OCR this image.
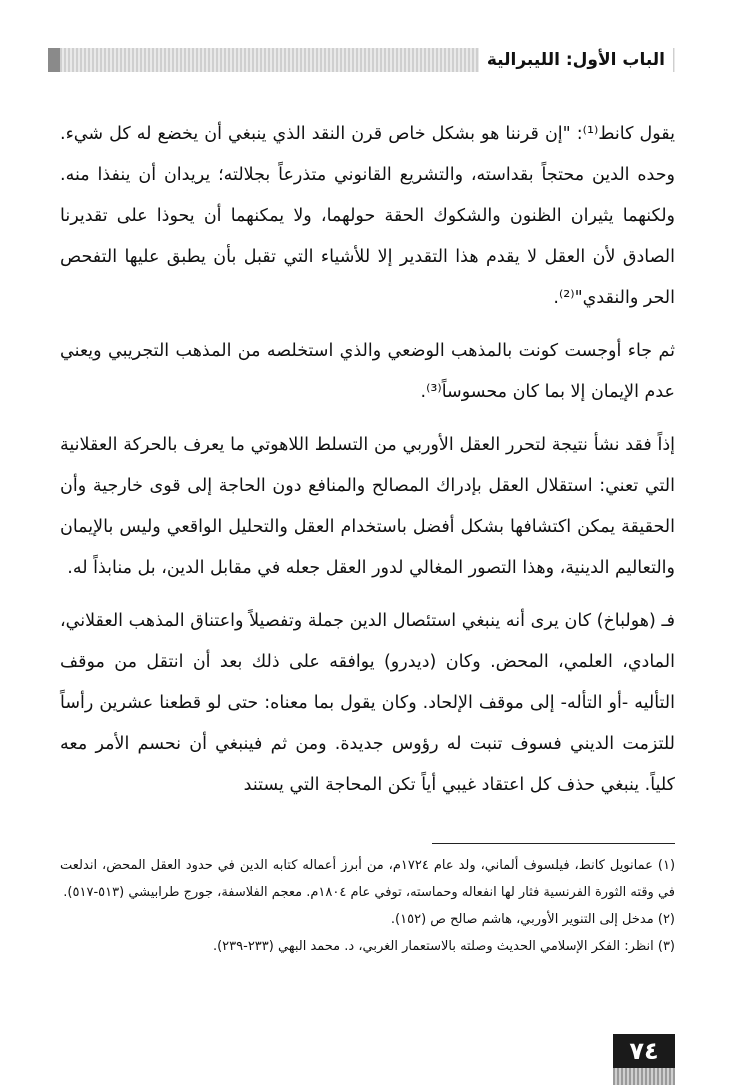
الباب الأول: الليبرالية

يقول كانط⁽¹⁾: "إن قرننا هو بشكل خاص قرن النقد الذي ينبغي أن يخضع له كل شيء. وحده الدين محتجاً بقداسته، والتشريع القانوني متذرعاً بجلالته؛ يريدان أن ينفذا منه. ولكنهما يثيران الظنون والشكوك الحقة حولهما، ولا يمكنهما أن يحوذا على تقديرنا الصادق لأن العقل لا يقدم هذا التقدير إلا للأشياء التي تقبل بأن يطبق عليها التفحص الحر والنقدي"⁽²⁾.

ثم جاء أوجست كونت بالمذهب الوضعي والذي استخلصه من المذهب التجريبي ويعني عدم الإيمان إلا بما كان محسوساً⁽³⁾.

إذاً فقد نشأ نتيجة لتحرر العقل الأوربي من التسلط اللاهوتي ما يعرف بالحركة العقلانية التي تعني: استقلال العقل بإدراك المصالح والمنافع دون الحاجة إلى قوى خارجية وأن الحقيقة يمكن اكتشافها بشكل أفضل باستخدام العقل والتحليل الواقعي وليس بالإيمان والتعاليم الدينية، وهذا التصور المغالي لدور العقل جعله في مقابل الدين، بل منابذاً له.

فـ (هولباخ) كان يرى أنه ينبغي استئصال الدين جملة وتفصيلاً واعتناق المذهب العقلاني، المادي، العلمي، المحض. وكان (ديدرو) يوافقه على ذلك بعد أن انتقل من موقف التأليه -أو التأله- إلى موقف الإلحاد. وكان يقول بما معناه: حتى لو قطعنا عشرين رأساً للتزمت الديني فسوف تنبت له رؤوس جديدة. ومن ثم فينبغي أن نحسم الأمر معه كلياً. ينبغي حذف كل اعتقاد غيبي أياً تكن المحاجة التي يستند

(١) عمانويل كانط، فيلسوف ألماني، ولد عام ١٧٢٤م، من أبرز أعماله كتابه الدين في حدود العقل المحض، اندلعت في وقته الثورة الفرنسية فثار لها انفعاله وحماسته، توفي عام ١٨٠٤م. معجم الفلاسفة، جورج طرابيشي (٥١٣-٥١٧).

(٢) مدخل إلى التنوير الأوربي، هاشم صالح ص (١٥٢).

(٣) انظر: الفكر الإسلامي الحديث وصلته بالاستعمار الغربي، د. محمد البهي (٢٣٣-٢٣٩).

٧٤
